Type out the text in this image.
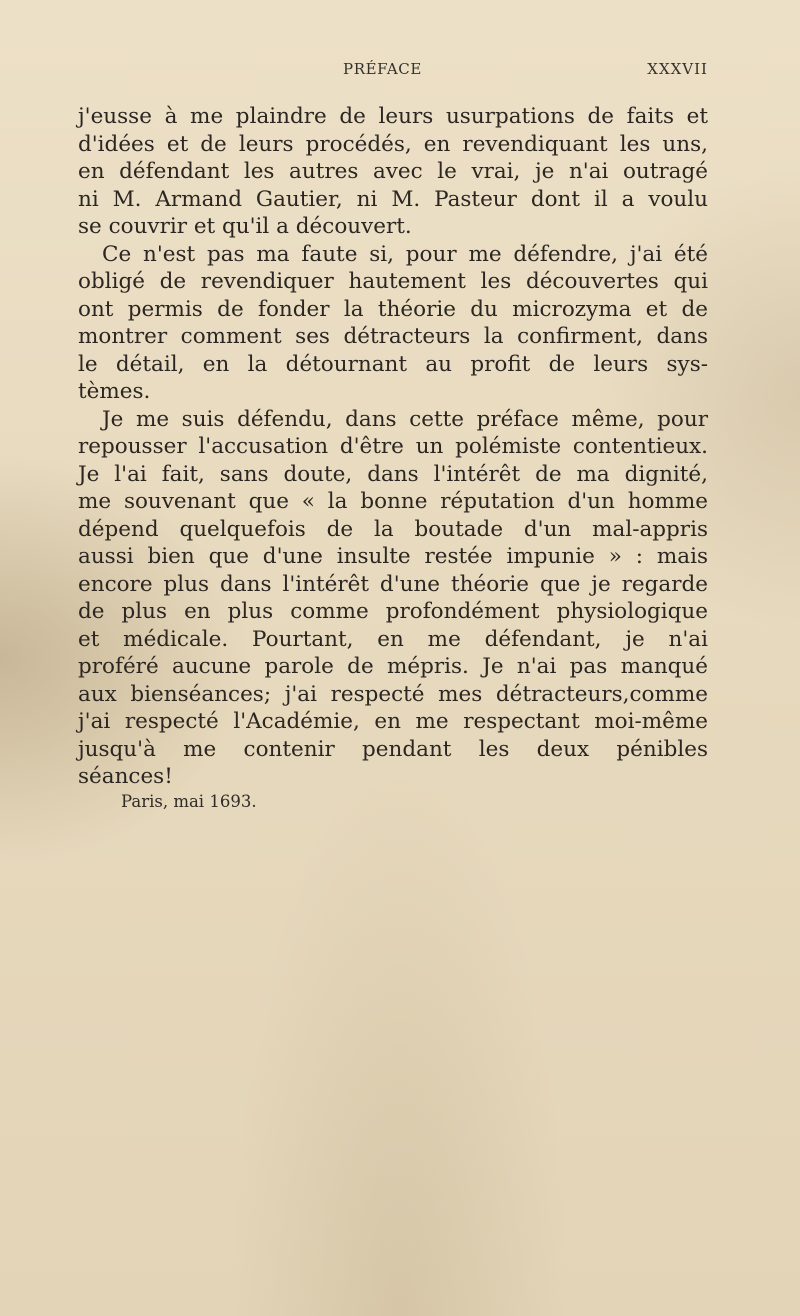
PRÉFACE	XXXVII
j'eusse à me plaindre de leurs usurpations de faits et
d'idées et de leurs procédés, en revendiquant les uns,
en défendant les autres avec le vrai, je n'ai outragé
ni M. Armand Gautier, ni M. Pasteur dont il a voulu
se couvrir et qu'il a découvert.
Ce n'est pas ma faute si, pour me défendre, j'ai été
obligé de revendiquer hautement les découvertes qui
ont permis de fonder la théorie du microzyma et de
montrer comment ses détracteurs la confirment, dans
le détail, en la détournant au profit de leurs sys-
tèmes.
Je me suis défendu, dans cette préface même, pour
repousser l'accusation d'être un polémiste contentieux.
Je l'ai fait, sans doute, dans l'intérêt de ma dignité,
me souvenant que « la bonne réputation d'un homme
dépend quelquefois de la boutade d'un mal-appris
aussi bien que d'une insulte restée impunie » : mais
encore plus dans l'intérêt d'une théorie que je regarde
de plus en plus comme profondément physiologique
et médicale. Pourtant, en me défendant, je n'ai
proféré aucune parole de mépris. Je n'ai pas manqué
aux bienséances; j'ai respecté mes détracteurs,comme
j'ai respecté l'Académie, en me respectant moi-même
jusqu'à me contenir pendant les deux pénibles
séances!
Paris, mai 1693.
